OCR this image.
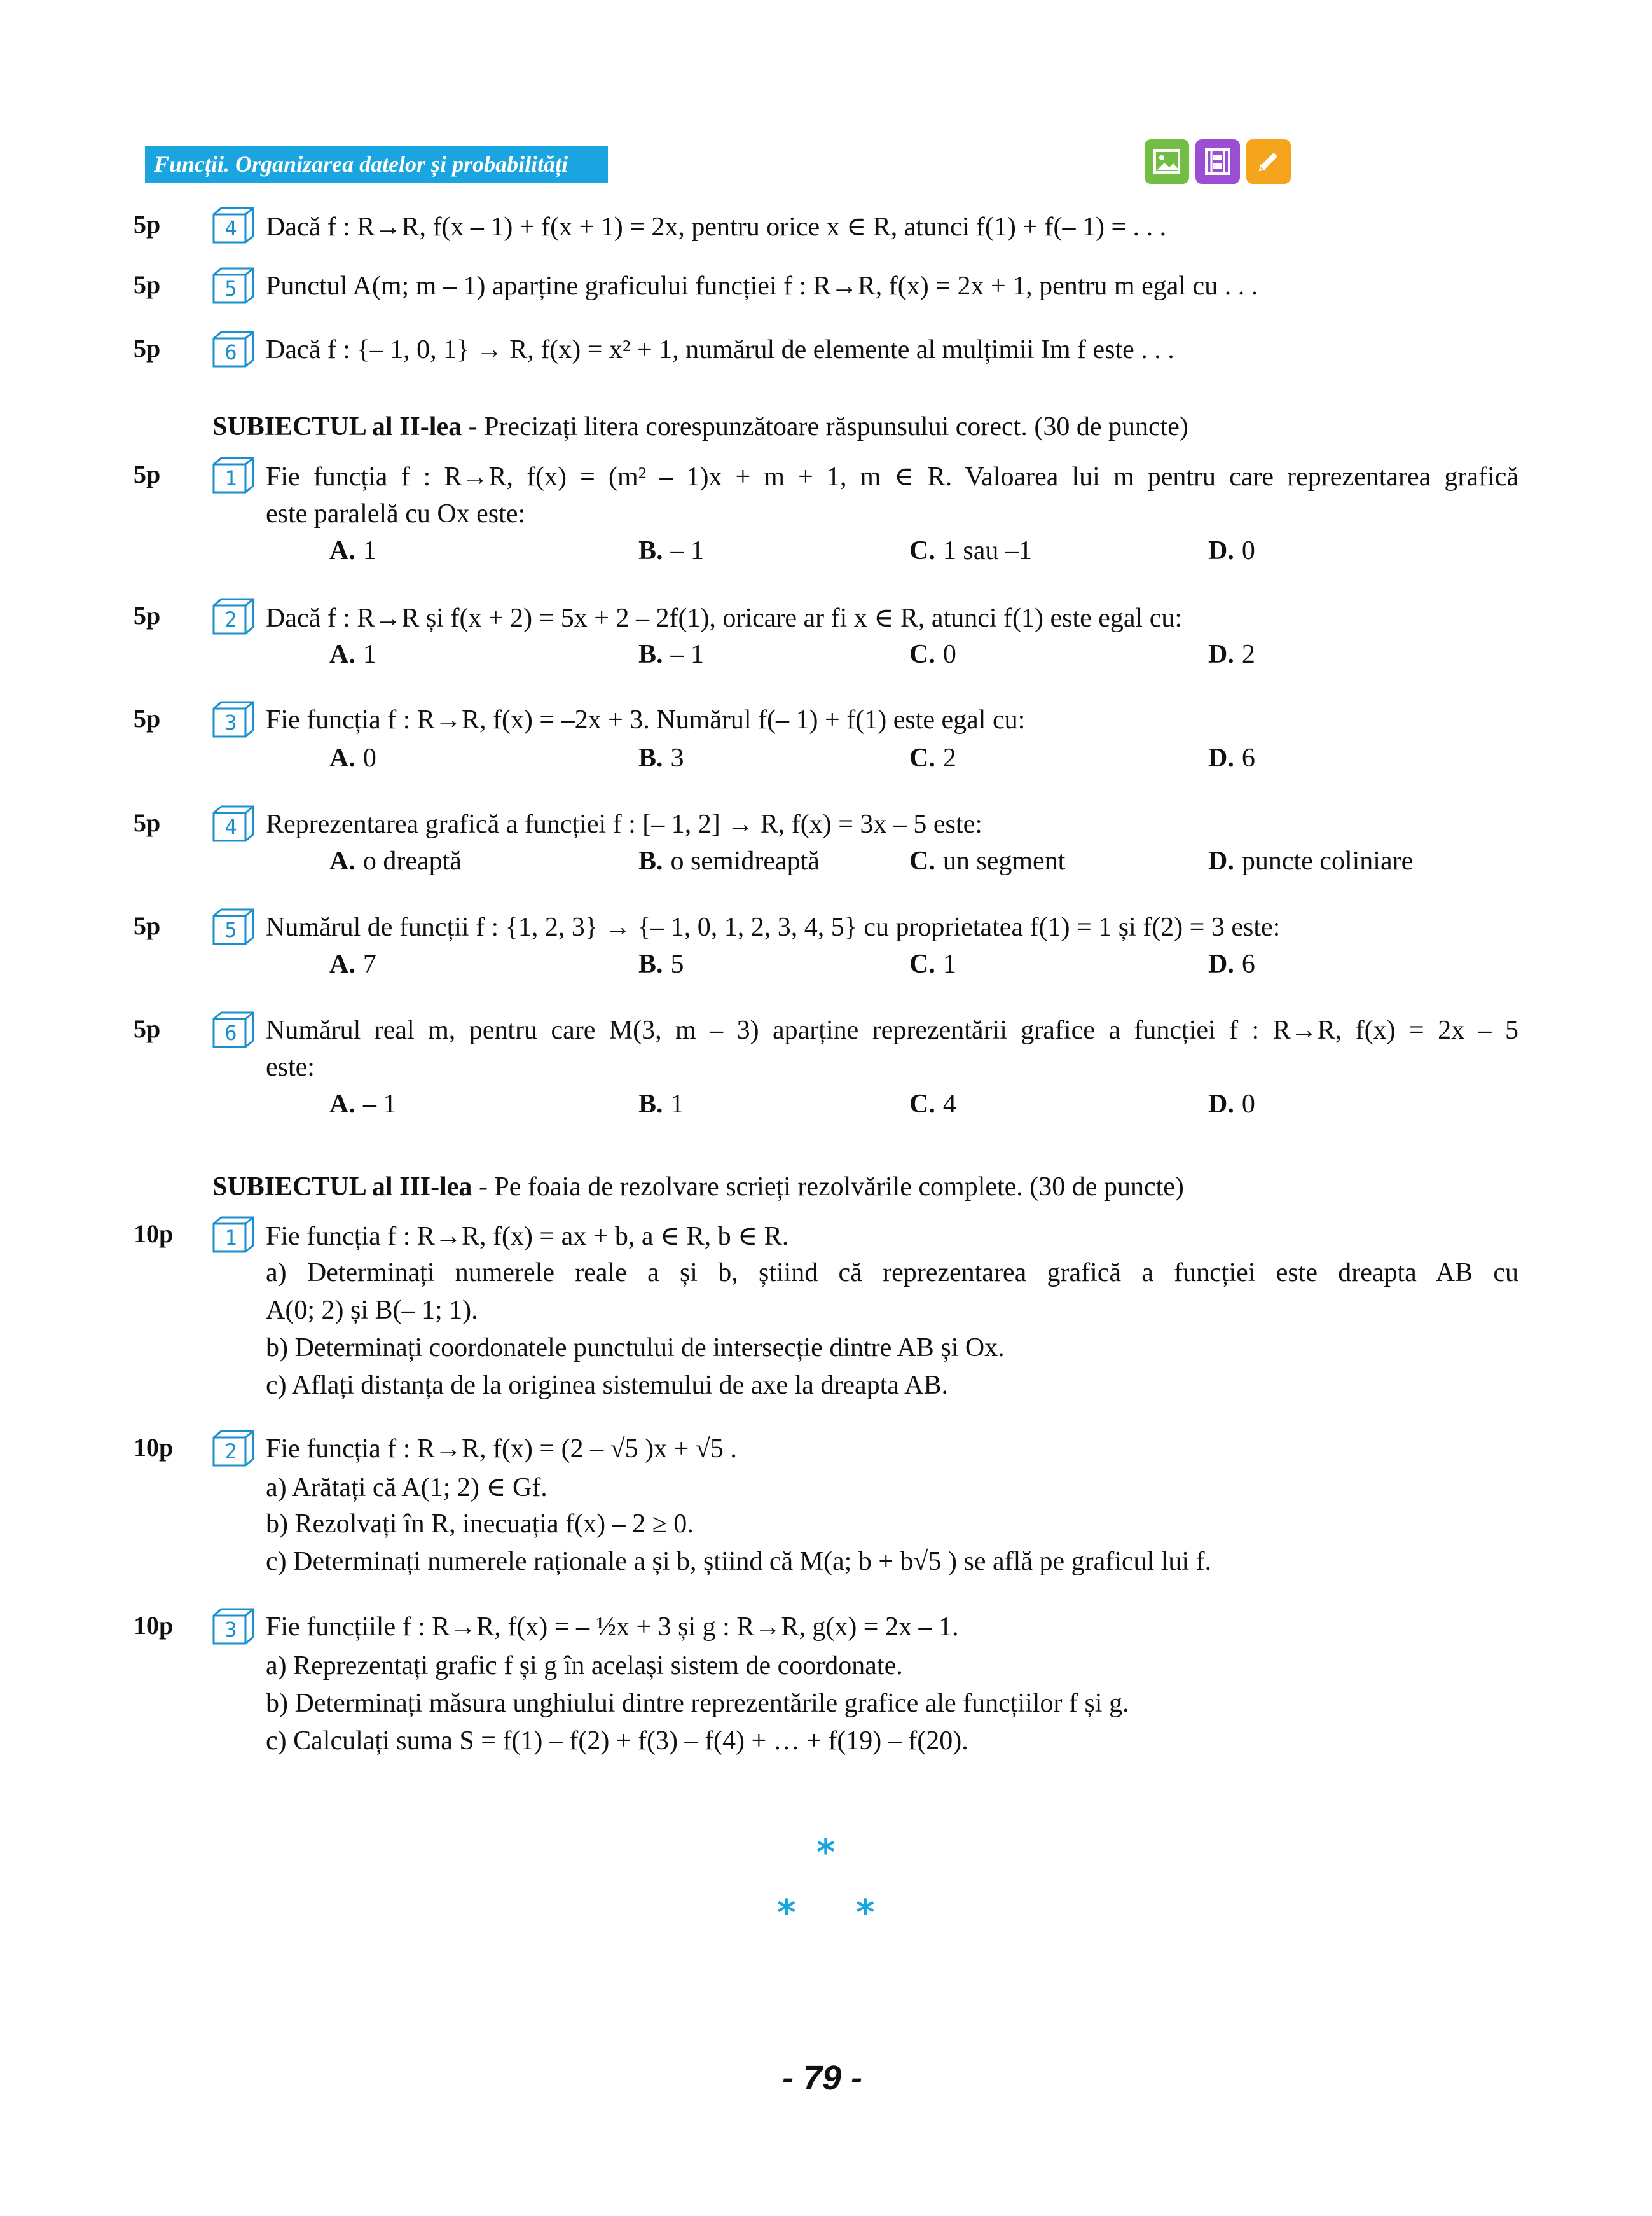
Funcții. Organizarea datelor și probabilități
5p	4 Dacă f : R→R, f(x – 1) + f(x + 1) = 2x, pentru orice x ∈ R, atunci f(1) + f(– 1) = . . .
5p	5 Punctul A(m; m – 1) aparține graficului funcției f : R→R, f(x) = 2x + 1, pentru m egal cu . . .
5p	6 Dacă f : {– 1, 0, 1} → R, f(x) = x² + 1, numărul de elemente al mulțimii Im f este . . .
SUBIECTUL al II-lea - Precizați litera corespunzătoare răspunsului corect. (30 de puncte)
5p	1 Fie funcția f : R→R, f(x) = (m² – 1)x + m + 1, m ∈ R. Valoarea lui m pentru care reprezentarea grafică
este paralelă cu Ox este:
A. 1	B. – 1	C. 1 sau –1	D. 0
5p	2 Dacă f : R→R și f(x + 2) = 5x + 2 – 2f(1), oricare ar fi x ∈ R, atunci f(1) este egal cu:
A. 1	B. – 1	C. 0	D. 2
5p	3 Fie funcția f : R→R, f(x) = –2x + 3. Numărul f(– 1) + f(1) este egal cu:
A. 0	B. 3	C. 2	D. 6
5p	4 Reprezentarea grafică a funcției f : [– 1, 2] → R, f(x) = 3x – 5 este:
A. o dreaptă	B. o semidreaptă	C. un segment	D. puncte coliniare
5p	5 Numărul de funcții f : {1, 2, 3} → {– 1, 0, 1, 2, 3, 4, 5} cu proprietatea f(1) = 1 și f(2) = 3 este:
A. 7	B. 5	C. 1	D. 6
5p	6 Numărul real m, pentru care M(3, m – 3) aparține reprezentării grafice a funcției f : R→R, f(x) = 2x – 5
este:
A. – 1	B. 1	C. 4	D. 0
SUBIECTUL al III-lea - Pe foaia de rezolvare scrieți rezolvările complete. (30 de puncte)
10p	1 Fie funcția f : R→R, f(x) = ax + b, a ∈ R, b ∈ R.
a) Determinați numerele reale a și b, știind că reprezentarea grafică a funcției este dreapta AB cu
A(0; 2) și B(– 1; 1).
b) Determinați coordonatele punctului de intersecție dintre AB și Ox.
c) Aflați distanța de la originea sistemului de axe la dreapta AB.
10p	2 Fie funcția f : R→R, f(x) = (2 – √5 )x + √5 .
a) Arătați că A(1; 2) ∈ Gf.
b) Rezolvați în R, inecuația f(x) – 2 ≥ 0.
c) Determinați numerele raționale a și b, știind că M(a; b + b√5 ) se află pe graficul lui f.
10p	3 Fie funcțiile f : R→R, f(x) = – ½x + 3 și g : R→R, g(x) = 2x – 1.
a) Reprezentați grafic f și g în același sistem de coordonate.
b) Determinați măsura unghiului dintre reprezentările grafice ale funcțiilor f și g.
c) Calculați suma S = f(1) – f(2) + f(3) – f(4) + … + f(19) – f(20).
*
* *
- 79 -
